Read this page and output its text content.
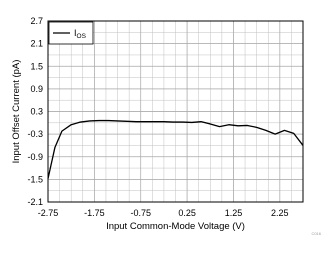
-2.1
-1.5
-0.9
-0.3
0.3
0.9
1.5
2.1
2.7
-2.75	-1.75	-0.75	0.25	1.25	2.25
Input Offset Current (pA)
Input Common-Mode Voltage (V)
$I_{OS}$
C016
